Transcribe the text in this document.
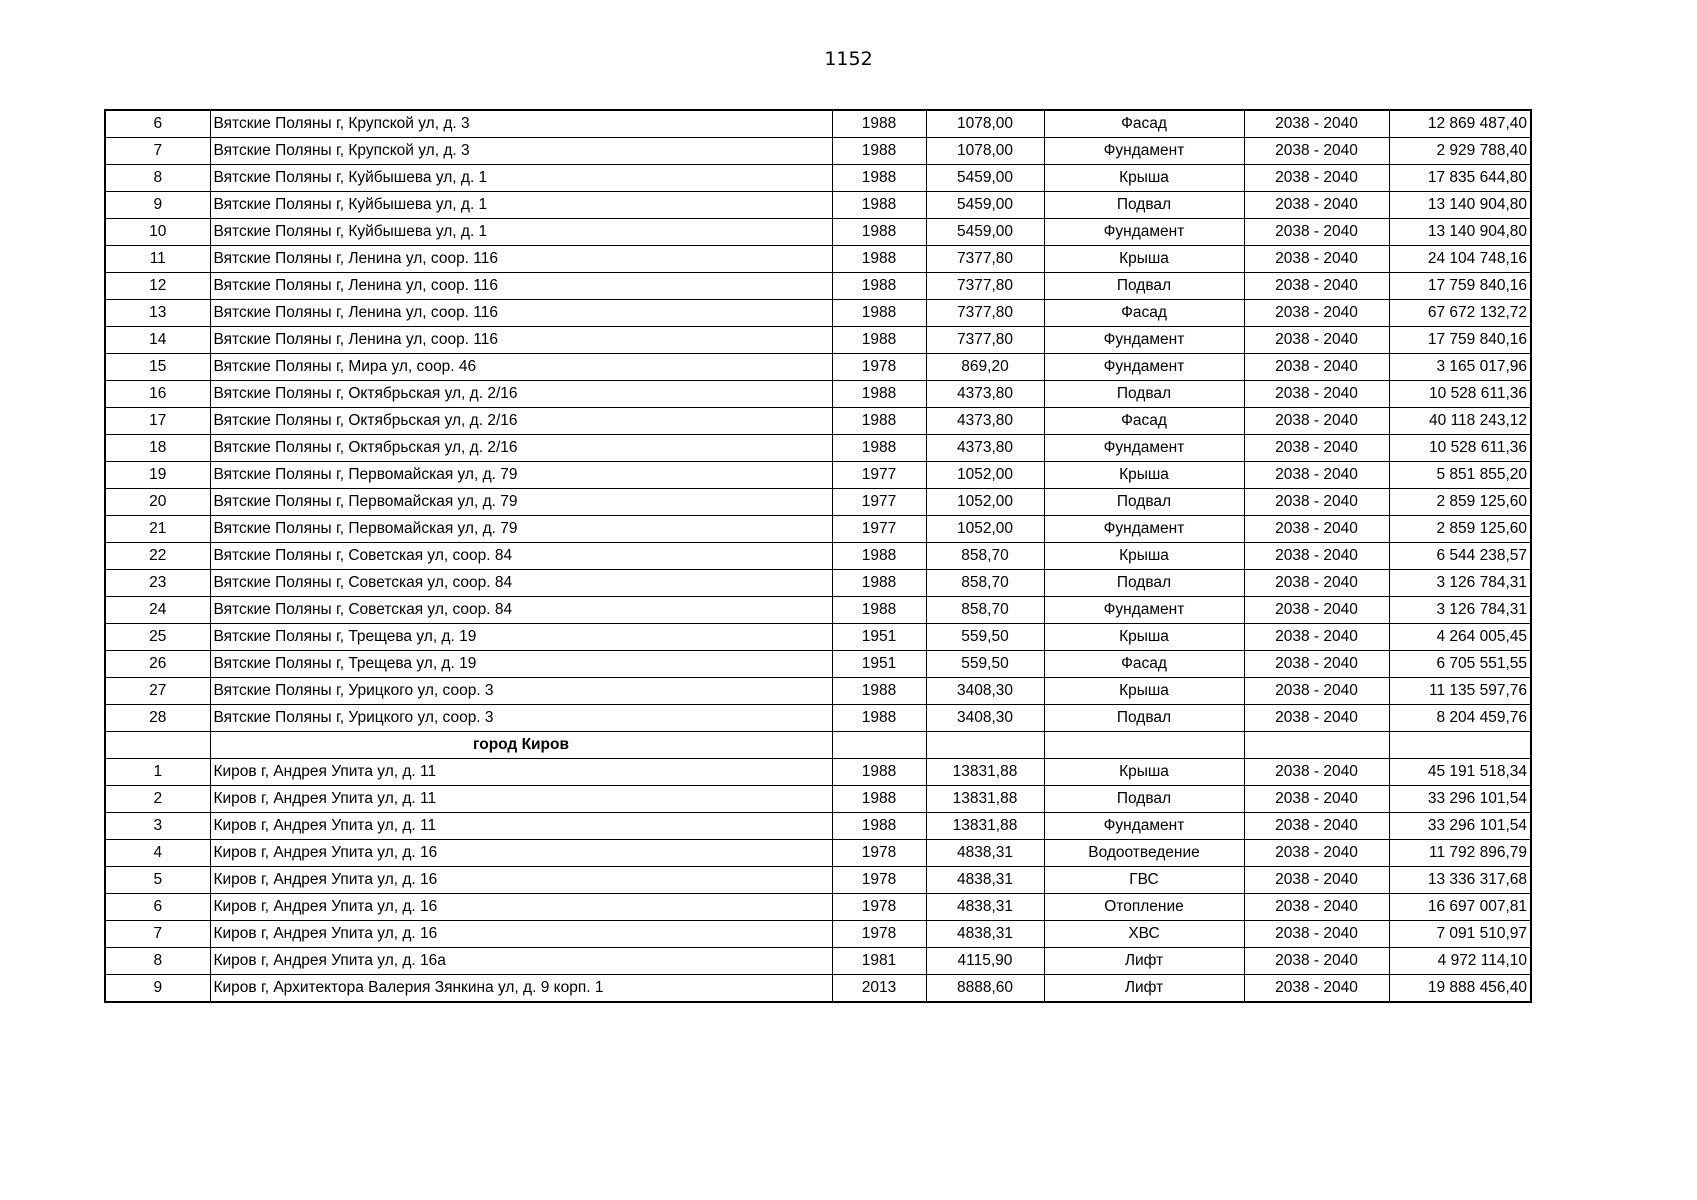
1152
6	Вятские Поляны г, Крупской ул, д. 3	1988	1078,00	Фасад	2038 - 2040	12 869 487,40
7	Вятские Поляны г, Крупской ул, д. 3	1988	1078,00	Фундамент	2038 - 2040	2 929 788,40
8	Вятские Поляны г, Куйбышева ул, д. 1	1988	5459,00	Крыша	2038 - 2040	17 835 644,80
9	Вятские Поляны г, Куйбышева ул, д. 1	1988	5459,00	Подвал	2038 - 2040	13 140 904,80
10	Вятские Поляны г, Куйбышева ул, д. 1	1988	5459,00	Фундамент	2038 - 2040	13 140 904,80
11	Вятские Поляны г, Ленина ул, соор. 116	1988	7377,80	Крыша	2038 - 2040	24 104 748,16
12	Вятские Поляны г, Ленина ул, соор. 116	1988	7377,80	Подвал	2038 - 2040	17 759 840,16
13	Вятские Поляны г, Ленина ул, соор. 116	1988	7377,80	Фасад	2038 - 2040	67 672 132,72
14	Вятские Поляны г, Ленина ул, соор. 116	1988	7377,80	Фундамент	2038 - 2040	17 759 840,16
15	Вятские Поляны г, Мира ул, соор. 46	1978	869,20	Фундамент	2038 - 2040	3 165 017,96
16	Вятские Поляны г, Октябрьская ул, д. 2/16	1988	4373,80	Подвал	2038 - 2040	10 528 611,36
17	Вятские Поляны г, Октябрьская ул, д. 2/16	1988	4373,80	Фасад	2038 - 2040	40 118 243,12
18	Вятские Поляны г, Октябрьская ул, д. 2/16	1988	4373,80	Фундамент	2038 - 2040	10 528 611,36
19	Вятские Поляны г, Первомайская ул, д. 79	1977	1052,00	Крыша	2038 - 2040	5 851 855,20
20	Вятские Поляны г, Первомайская ул, д. 79	1977	1052,00	Подвал	2038 - 2040	2 859 125,60
21	Вятские Поляны г, Первомайская ул, д. 79	1977	1052,00	Фундамент	2038 - 2040	2 859 125,60
22	Вятские Поляны г, Советская ул, соор. 84	1988	858,70	Крыша	2038 - 2040	6 544 238,57
23	Вятские Поляны г, Советская ул, соор. 84	1988	858,70	Подвал	2038 - 2040	3 126 784,31
24	Вятские Поляны г, Советская ул, соор. 84	1988	858,70	Фундамент	2038 - 2040	3 126 784,31
25	Вятские Поляны г, Трещева ул, д. 19	1951	559,50	Крыша	2038 - 2040	4 264 005,45
26	Вятские Поляны г, Трещева ул, д. 19	1951	559,50	Фасад	2038 - 2040	6 705 551,55
27	Вятские Поляны г, Урицкого ул, соор. 3	1988	3408,30	Крыша	2038 - 2040	11 135 597,76
28	Вятские Поляны г, Урицкого ул, соор. 3	1988	3408,30	Подвал	2038 - 2040	8 204 459,76
	город Киров					
1	Киров г, Андрея Упита ул, д. 11	1988	13831,88	Крыша	2038 - 2040	45 191 518,34
2	Киров г, Андрея Упита ул, д. 11	1988	13831,88	Подвал	2038 - 2040	33 296 101,54
3	Киров г, Андрея Упита ул, д. 11	1988	13831,88	Фундамент	2038 - 2040	33 296 101,54
4	Киров г, Андрея Упита ул, д. 16	1978	4838,31	Водоотведение	2038 - 2040	11 792 896,79
5	Киров г, Андрея Упита ул, д. 16	1978	4838,31	ГВС	2038 - 2040	13 336 317,68
6	Киров г, Андрея Упита ул, д. 16	1978	4838,31	Отопление	2038 - 2040	16 697 007,81
7	Киров г, Андрея Упита ул, д. 16	1978	4838,31	ХВС	2038 - 2040	7 091 510,97
8	Киров г, Андрея Упита ул, д. 16а	1981	4115,90	Лифт	2038 - 2040	4 972 114,10
9	Киров г, Архитектора Валерия Зянкина ул, д. 9 корп. 1	2013	8888,60	Лифт	2038 - 2040	19 888 456,40
